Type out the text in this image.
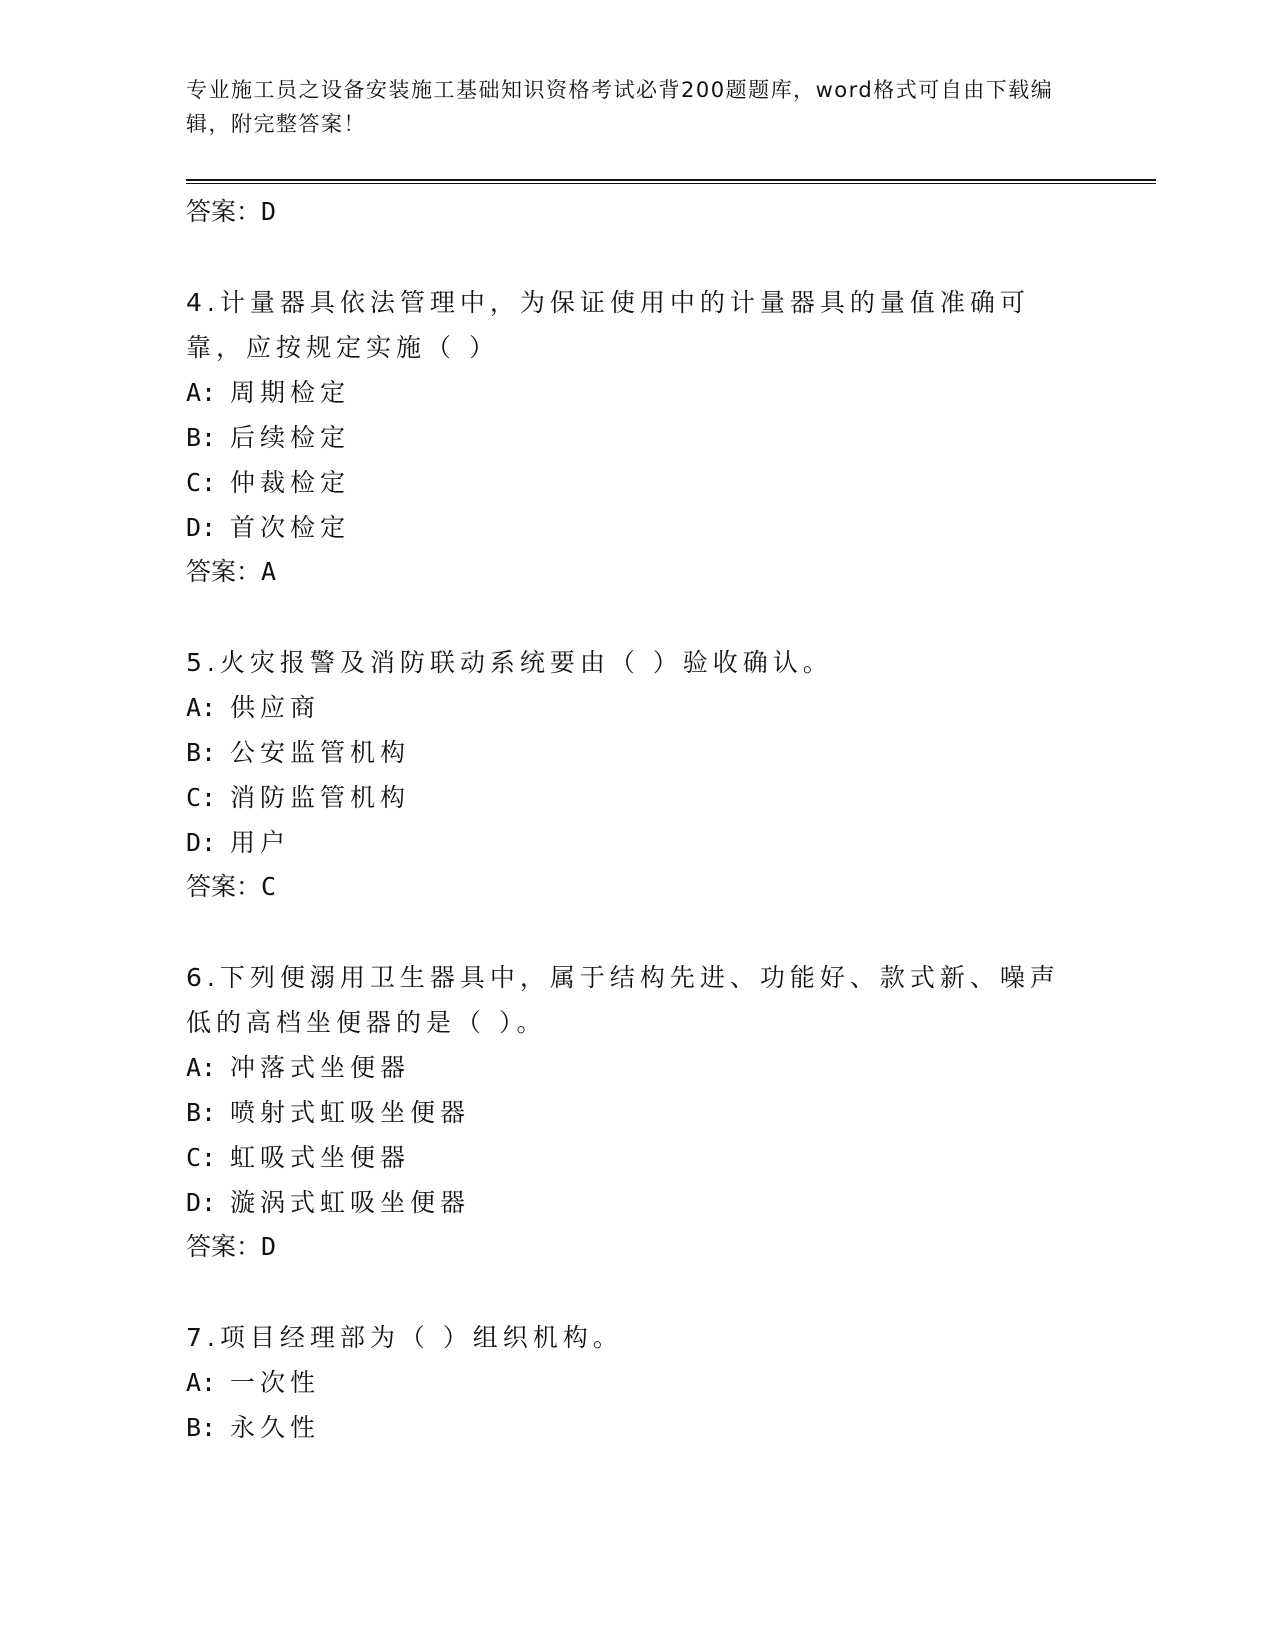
专业施工员之设备安装施工基础知识资格考试必背200题题库，word格式可自由下载编辑，附完整答案！
答案：D
4.计量器具依法管理中，为保证使用中的计量器具的量值准确可靠，应按规定实施（ ）
A: 周期检定
B: 后续检定
C: 仲裁检定
D: 首次检定
答案：A
5.火灾报警及消防联动系统要由（ ）验收确认。
A: 供应商
B: 公安监管机构
C: 消防监管机构
D: 用户
答案：C
6.下列便溺用卫生器具中，属于结构先进、功能好、款式新、噪声低的高档坐便器的是（ ）。
A: 冲落式坐便器
B: 喷射式虹吸坐便器
C: 虹吸式坐便器
D: 漩涡式虹吸坐便器
答案：D
7.项目经理部为（ ）组织机构。
A: 一次性
B: 永久性
